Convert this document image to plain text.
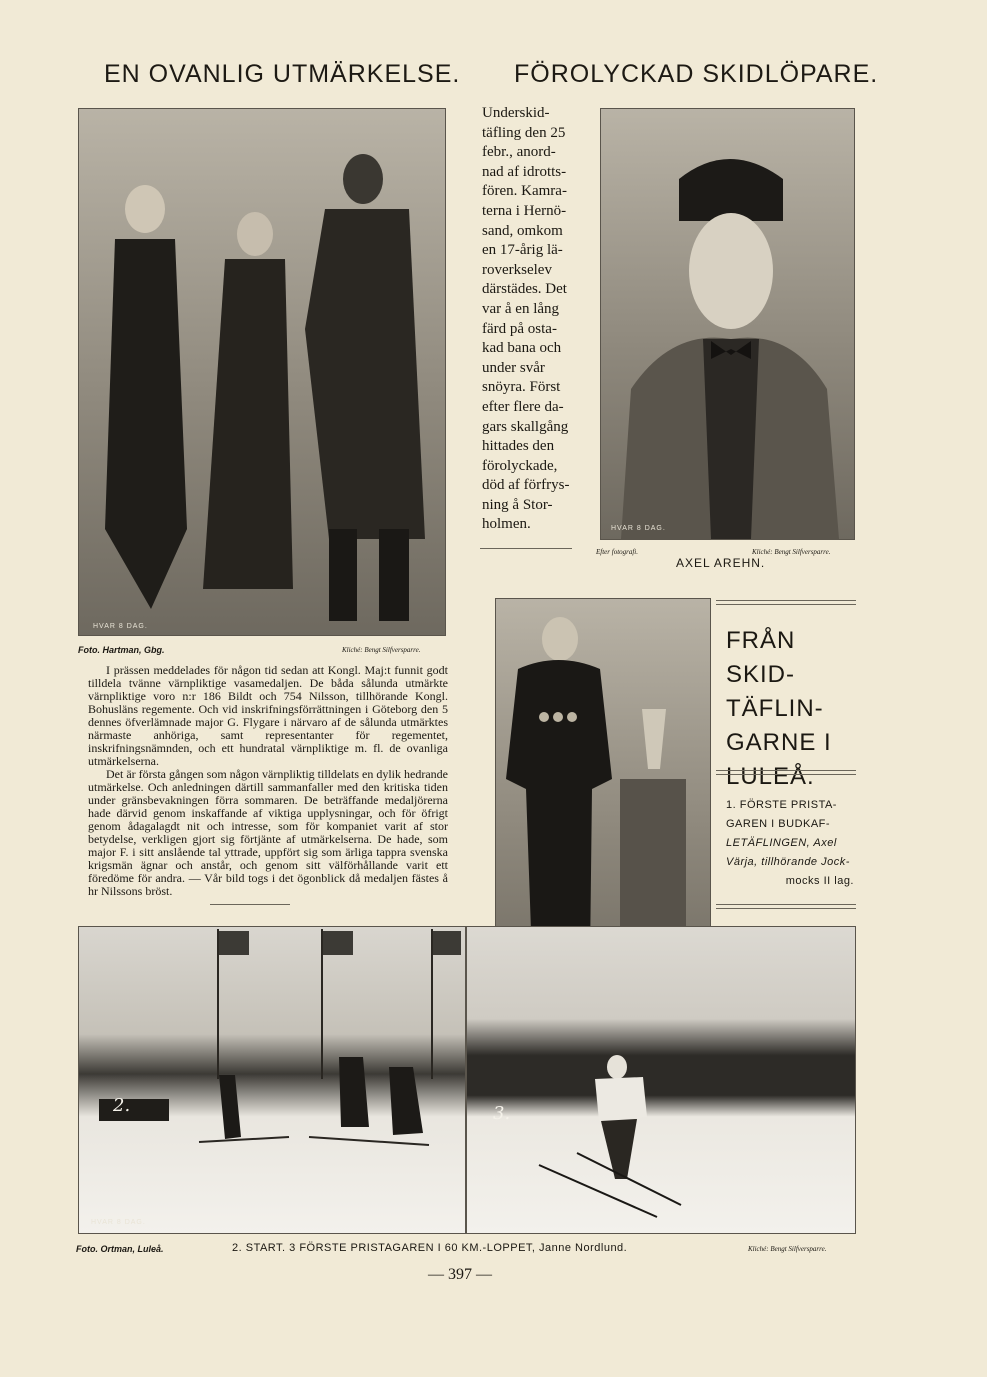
EN OVANLIG UTMÄRKELSE. FÖROLYCKAD SKIDLÖPARE.
HVAR 8 DAG.
Foto. Hartman, Gbg.	Kliché: Bengt Silfversparre.
I prässen meddelades för någon tid sedan att Kongl. Maj:t funnit godt tilldela tvänne värnpliktige vasamedaljen. De båda sålunda utmärkte värnpliktige voro n:r 186 Bildt och 754 Nilsson, tillhörande Kongl. Bohusläns regemente. Och vid inskrifningsförrättningen i Göteborg den 5 dennes öfverlämnade major G. Flygare i närvaro af de sålunda utmärktes närmaste anhöriga, samt representanter för regementet, inskrifningsnämnden, och ett hundratal värnpliktige m. fl. de ovanliga utmärkelserna.
Det är första gången som någon värnpliktig tilldelats en dylik hedrande utmärkelse. Och anledningen därtill sammanfaller med den kritiska tiden under gränsbevakningen förra sommaren. De beträffande medaljörerna hade därvid genom inskaffande af viktiga upplysningar, och för öfrigt genom ådagalagdt nit och intresse, som för kompaniet varit af stor betydelse, verkligen gjort sig förtjänte af utmärkelserna. De hade, som major F. i sitt anslående tal yttrade, uppfört sig som ärliga tappra svenska krigsmän ägnar och anstår, och genom sitt välförhållande varit ett föredöme för andra. — Vår bild togs i det ögonblick då medaljen fästes å hr Nilssons bröst.
Underskid-
täfling den 25
febr., anord-
nad af idrotts-
fören. Kamra-
terna i Hernö-
sand, omkom
en 17-årig lä-
roverkselev
därstädes. Det
var å en lång
färd på osta-
kad bana och
under svår
snöyra. Först
efter flere da-
gars skallgång
hittades den
förolyckade,
död af förfrys-
ning å Stor-
holmen.	HVAR 8 DAG.
Efter fotografi.	Kliché: Bengt Silfversparre.
AXEL AREHN.
FRÅN SKID-
TÄFLIN-
GARNE I
LULEÅ.
1. FÖRSTE PRISTA-
GAREN I BUDKAF-
LETÄFLINGEN, Axel
Värja, tillhörande Jock-
mocks II lag.
2.
HVAR 8 DAG.
3.
Foto. Ortman, Luleå.	2. START. 3 FÖRSTE PRISTAGAREN I 60 KM.-LOPPET, Janne Nordlund.	Kliché: Bengt Silfversparre.
— 397 —
